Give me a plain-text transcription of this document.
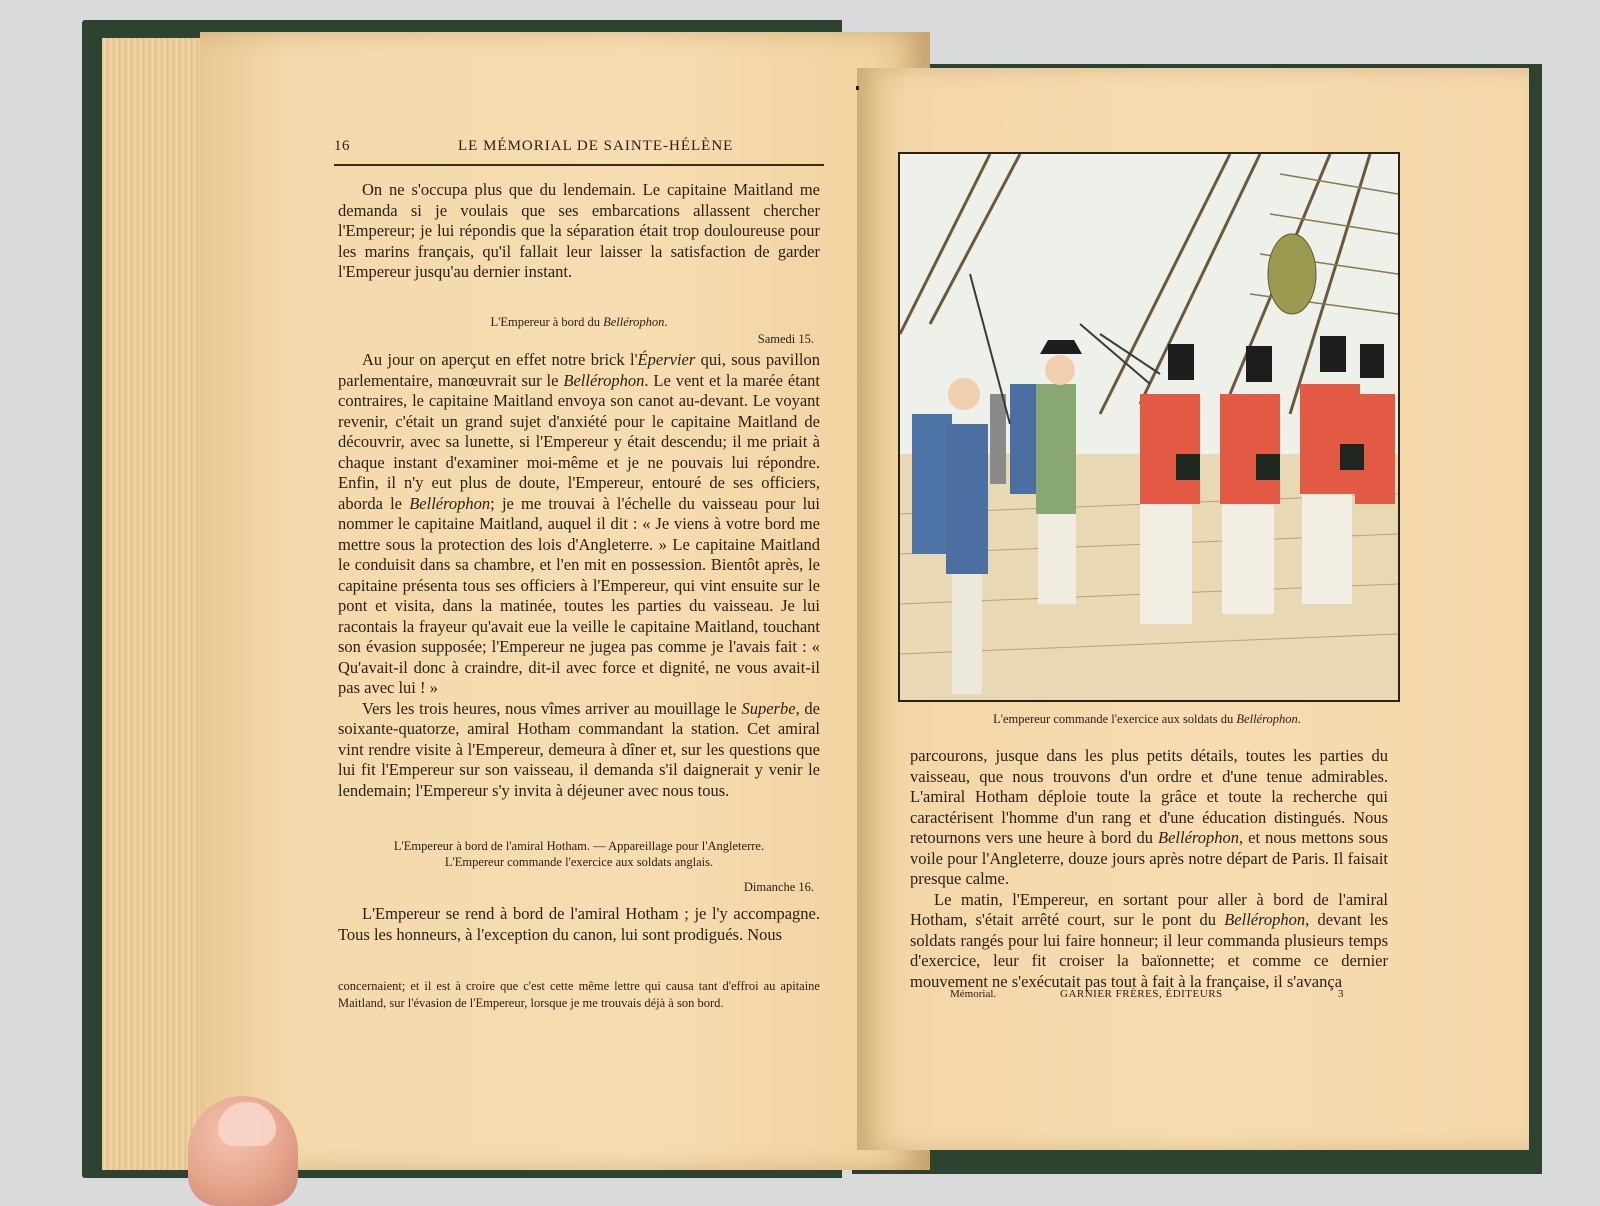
16	LE MÉMORIAL DE SAINTE-HÉLÈNE

On ne s'occupa plus que du lendemain. Le capitaine Maitland me demanda si je voulais que ses embarcations allassent chercher l'Empereur; je lui répondis que la séparation était trop douloureuse pour les marins français, qu'il fallait leur laisser la satisfaction de garder l'Empereur jusqu'au dernier instant.

L'Empereur à bord du Bellérophon.
Samedi 15.

Au jour on aperçut en effet notre brick l'Épervier qui, sous pavillon parlementaire, manœuvrait sur le Bellérophon. Le vent et la marée étant contraires, le capitaine Maitland envoya son canot au-devant. Le voyant revenir, c'était un grand sujet d'anxiété pour le capitaine Maitland de découvrir, avec sa lunette, si l'Empereur y était descendu; il me priait à chaque instant d'examiner moi-même et je ne pouvais lui répondre. Enfin, il n'y eut plus de doute, l'Empereur, entouré de ses officiers, aborda le Bellérophon; je me trouvai à l'échelle du vaisseau pour lui nommer le capitaine Maitland, auquel il dit : « Je viens à votre bord me mettre sous la protection des lois d'Angleterre. » Le capitaine Maitland le conduisit dans sa chambre, et l'en mit en possession. Bientôt après, le capitaine présenta tous ses officiers à l'Empereur, qui vint ensuite sur le pont et visita, dans la matinée, toutes les parties du vaisseau. Je lui racontais la frayeur qu'avait eue la veille le capitaine Maitland, touchant son évasion supposée; l'Empereur ne jugea pas comme je l'avais fait : « Qu'avait-il donc à craindre, dit-il avec force et dignité, ne vous avait-il pas avec lui ! »

Vers les trois heures, nous vîmes arriver au mouillage le Superbe, de soixante-quatorze, amiral Hotham commandant la station. Cet amiral vint rendre visite à l'Empereur, demeura à dîner et, sur les questions que lui fit l'Empereur sur son vaisseau, il demanda s'il daignerait y venir le lendemain; l'Empereur s'y invita à déjeuner avec nous tous.

L'Empereur à bord de l'amiral Hotham. — Appareillage pour l'Angleterre.
L'Empereur commande l'exercice aux soldats anglais.
Dimanche 16.

L'Empereur se rend à bord de l'amiral Hotham ; je l'y accompagne. Tous les honneurs, à l'exception du canon, lui sont prodigués. Nous

concernaient; et il est à croire que c'est cette même lettre qui causa tant d'effroi au apitaine Maitland, sur l'évasion de l'Empereur, lorsque je me trouvais déjà à son bord.

L'empereur commande l'exercice aux soldats du Bellérophon.

parcourons, jusque dans les plus petits détails, toutes les parties du vaisseau, que nous trouvons d'un ordre et d'une tenue admirables. L'amiral Hotham déploie toute la grâce et toute la recherche qui caractérisent l'homme d'un rang et d'une éducation distingués. Nous retournons vers une heure à bord du Bellérophon, et nous mettons sous voile pour l'Angleterre, douze jours après notre départ de Paris. Il faisait presque calme.

Le matin, l'Empereur, en sortant pour aller à bord de l'amiral Hotham, s'était arrêté court, sur le pont du Bellérophon, devant les soldats rangés pour lui faire honneur; il leur commanda plusieurs temps d'exercice, leur fit croiser la baïonnette; et comme ce dernier mouvement ne s'exécutait pas tout à fait à la française, il s'avança

Mémorial.	GARNIER FRÈRES, ÉDITEURS	3
